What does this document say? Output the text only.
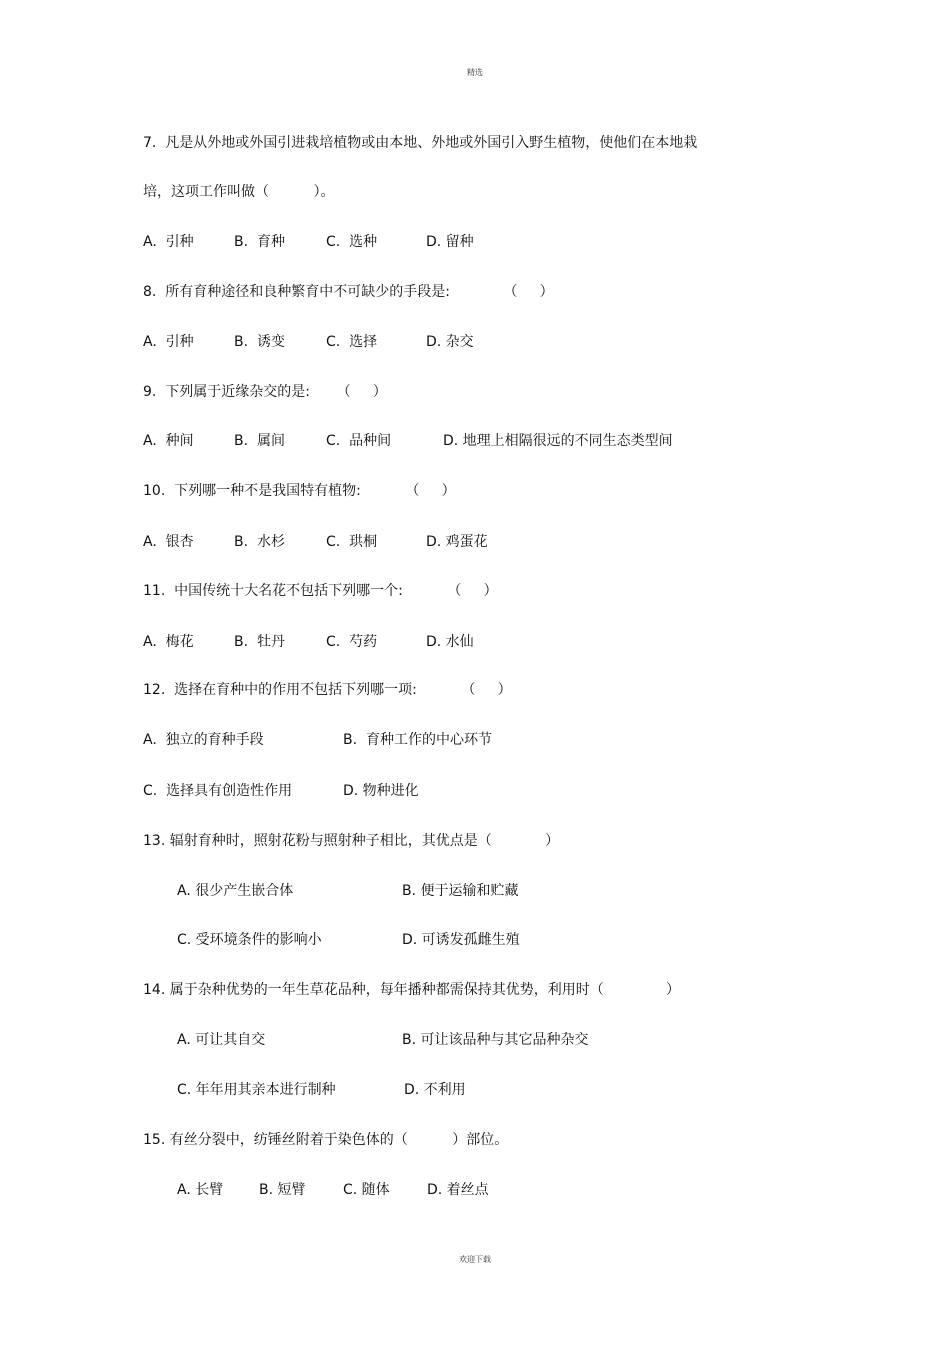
精选
7.  凡是从外地或外国引进栽培植物或由本地、外地或外国引入野生植物，使他们在本地栽
培，这项工作叫做（          ）。
A.  引种	B.  育种	C.  选种	D. 留种
8.  所有育种途径和良种繁育中不可缺少的手段是:            （     ）
A.  引种	B.  诱变	C.  选择	D. 杂交
9.  下列属于近缘杂交的是:      （     ）
A.  种间	B.  属间	C.  品种间	D. 地理上相隔很远的不同生态类型间
10.  下列哪一种不是我国特有植物:          （     ）
A.  银杏	B.  水杉	C.  珙桐	D. 鸡蛋花
11.  中国传统十大名花不包括下列哪一个:          （     ）
A.  梅花	B.  牡丹	C.  芍药	D. 水仙
12.  选择在育种中的作用不包括下列哪一项:          （     ）
A.  独立的育种手段	B.  育种工作的中心环节
C.  选择具有创造性作用	D. 物种进化
13. 辐射育种时，照射花粉与照射种子相比，其优点是（            ）
A. 很少产生嵌合体	B. 便于运输和贮藏
C. 受环境条件的影响小	D. 可诱发孤雌生殖
14. 属于杂种优势的一年生草花品种，每年播种都需保持其优势，利用时（              ）
A. 可让其自交	B. 可让该品种与其它品种杂交
C. 年年用其亲本进行制种	D. 不利用
15. 有丝分裂中，纺锤丝附着于染色体的（          ）部位。
A. 长臂	B. 短臂	C. 随体	D. 着丝点
欢迎下载
